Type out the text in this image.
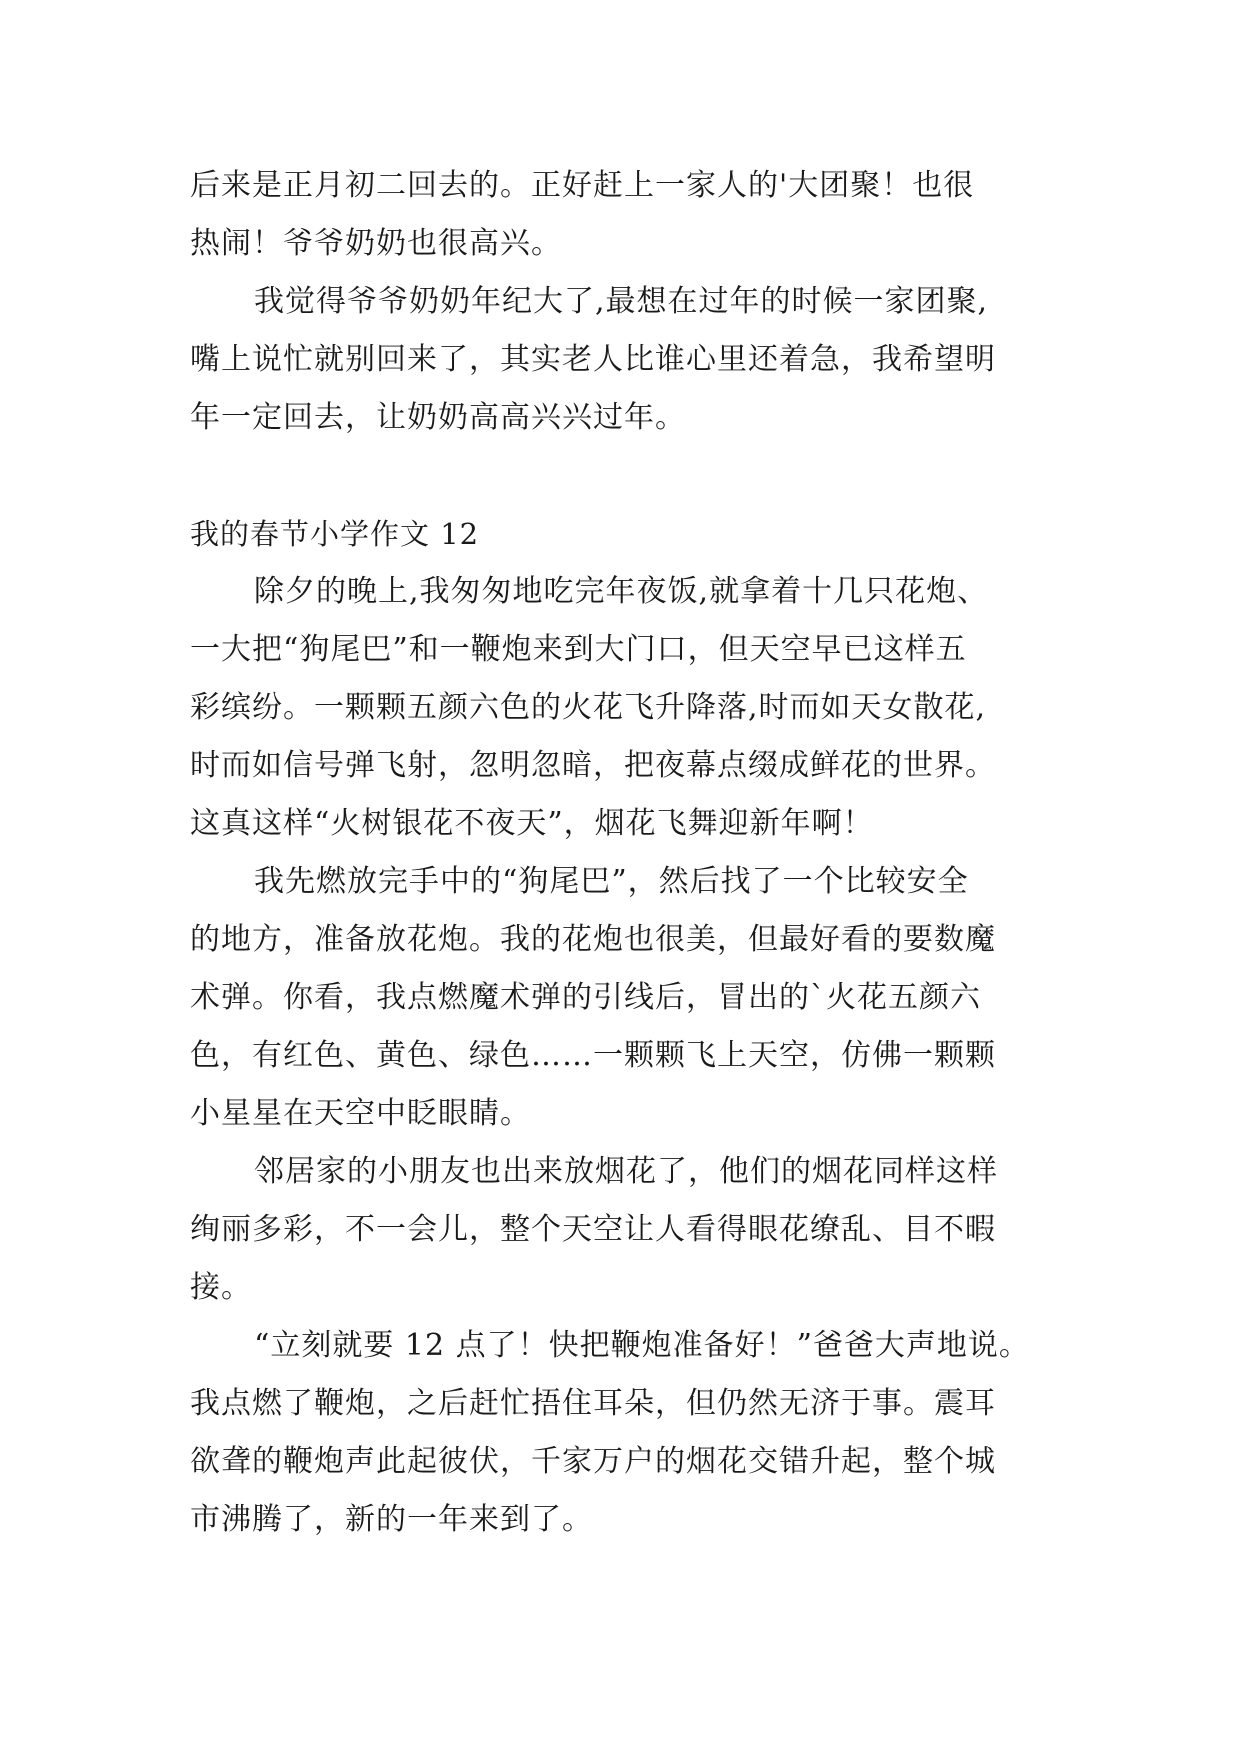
后来是正月初二回去的。正好赶上一家人的'大团聚！也很
热闹！爷爷奶奶也很高兴。
我觉得爷爷奶奶年纪大了,最想在过年的时候一家团聚,
嘴上说忙就别回来了，其实老人比谁心里还着急，我希望明
年一定回去，让奶奶高高兴兴过年。
我的春节小学作文 12
除夕的晚上,我匆匆地吃完年夜饭,就拿着十几只花炮、
一大把“狗尾巴”和一鞭炮来到大门口，但天空早已这样五
彩缤纷。一颗颗五颜六色的火花飞升降落,时而如天女散花,
时而如信号弹飞射，忽明忽暗，把夜幕点缀成鲜花的世界。
这真这样“火树银花不夜天”，烟花飞舞迎新年啊！
我先燃放完手中的“狗尾巴”，然后找了一个比较安全
的地方，准备放花炮。我的花炮也很美，但最好看的要数魔
术弹。你看，我点燃魔术弹的引线后，冒出的`火花五颜六
色，有红色、黄色、绿色……一颗颗飞上天空，仿佛一颗颗
小星星在天空中眨眼睛。
邻居家的小朋友也出来放烟花了，他们的烟花同样这样
绚丽多彩，不一会儿，整个天空让人看得眼花缭乱、目不暇
接。
“立刻就要 12 点了！快把鞭炮准备好！”爸爸大声地说。
我点燃了鞭炮，之后赶忙捂住耳朵，但仍然无济于事。震耳
欲聋的鞭炮声此起彼伏，千家万户的烟花交错升起，整个城
市沸腾了，新的一年来到了。
